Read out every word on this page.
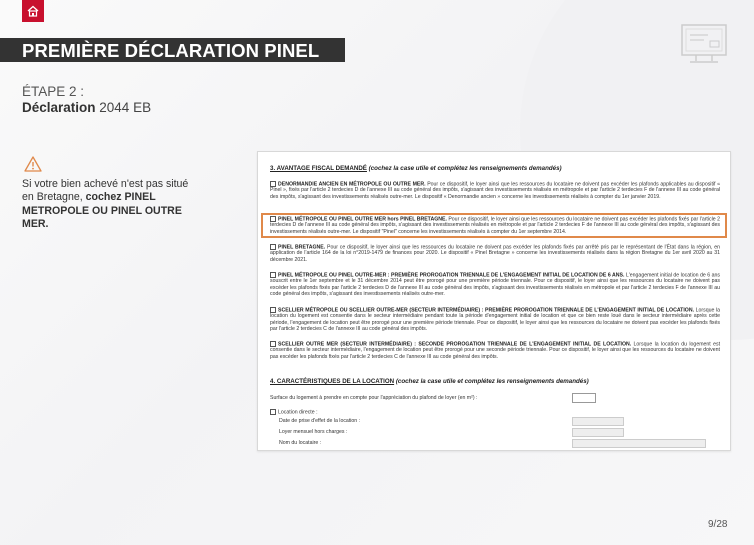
PREMIÈRE DÉCLARATION PINEL
ÉTAPE 2 :
Déclaration 2044 EB
Si votre bien achevé n'est pas situé en Bretagne, cochez PINEL METROPOLE OU PINEL OUTRE MER.
3. AVANTAGE FISCAL DEMANDÉ (cochez la case utile et complétez les renseignements demandés)
DENORMANDIE ANCIEN EN MÉTROPOLE OU OUTRE MER. Pour ce dispositif, le loyer ainsi que les ressources du locataire ne doivent pas excéder les plafonds applicables au dispositif « Pinel », fixés par l'article 2 terdecies D de l'annexe III au code général des impôts, s'agissant des investissements réalisés en métropole et par l'article 2 terdecies F de l'annexe III au code général des impôts, s'agissant des investissements réalisés outre-mer. Le dispositif « Denormandie ancien » concerne les investissements réalisés à compter du 1er janvier 2019.
PINEL MÉTROPOLE OU PINEL OUTRE MER hors PINEL BRETAGNE. Pour ce dispositif, le loyer ainsi que les ressources du locataire ne doivent pas excéder les plafonds fixés par l'article 2 terdecies D de l'annexe III au code général des impôts, s'agissant des investissements réalisés en métropole et par l'article 2 terdecies F de l'annexe III au code général des impôts, s'agissant des investissements réalisés outre-mer. Le dispositif "Pinel" concerne les investissements réalisés à compter du 1er septembre 2014.
PINEL BRETAGNE. Pour ce dispositif, le loyer ainsi que les ressources du locataire ne doivent pas excéder les plafonds fixés par arrêté pris par le représentant de l'État dans la région, en application de l'article 164 de la loi n°2019-1479 de finances pour 2020. Le dispositif « Pinel Bretagne » concerne les investissements réalisés dans la région Bretagne du 1er avril 2020 au 31 décembre 2021.
PINEL MÉTROPOLE OU PINEL OUTRE-MER : PREMIÈRE PROROGATION TRIENNALE DE L'ENGAGEMENT INITIAL DE LOCATION DE 6 ANS. L'engagement initial de location de 6 ans souscrit entre le 1er septembre et le 31 décembre 2014 peut être prorogé pour une première période triennale. Pour ce dispositif, le loyer ainsi que les ressources du locataire ne doivent pas excéder les plafonds fixés par l'article 2 terdecies D de l'annexe III au code général des impôts, s'agissant des investissements réalisés en métropole et par l'article 2 terdecies F de l'annexe III au code général des impôts, s'agissant des investissements réalisés outre-mer.
SCELLIER MÉTROPOLE OU SCELLIER OUTRE-MER (SECTEUR INTERMÉDIAIRE) : PREMIÈRE PROROGATION TRIENNALE DE L'ENGAGEMENT INITIAL DE LOCATION. Lorsque la location du logement est consentie dans le secteur intermédiaire pendant toute la période d'engagement initial de location et que ce bien reste loué dans le secteur intermédiaire après cette période, l'engagement de location peut être prorogé pour une première période triennale. Pour ce dispositif, le loyer ainsi que les ressources du locataire ne doivent pas excéder les plafonds fixés par l'article 2 terdecies C de l'annexe III au code général des impôts.
SCELLIER OUTRE MER (SECTEUR INTERMÉDIAIRE) : SECONDE PROROGATION TRIENNALE DE L'ENGAGEMENT INITIAL DE LOCATION. Lorsque la location du logement est consentie dans le secteur intermédiaire, l'engagement de location peut être prorogé pour une seconde période triennale. Pour ce dispositif, le loyer ainsi que les ressources du locataire ne doivent pas excéder les plafonds fixés par l'article 2 terdecies C de l'annexe III au code général des impôts.
4. CARACTÉRISTIQUES DE LA LOCATION (cochez la case utile et complétez les renseignements demandés)
Surface du logement à prendre en compte pour l'appréciation du plafond de loyer (en m²) :
Location directe :
Date de prise d'effet de la location :
Loyer mensuel hors charges :
Nom du locataire :
9/28
